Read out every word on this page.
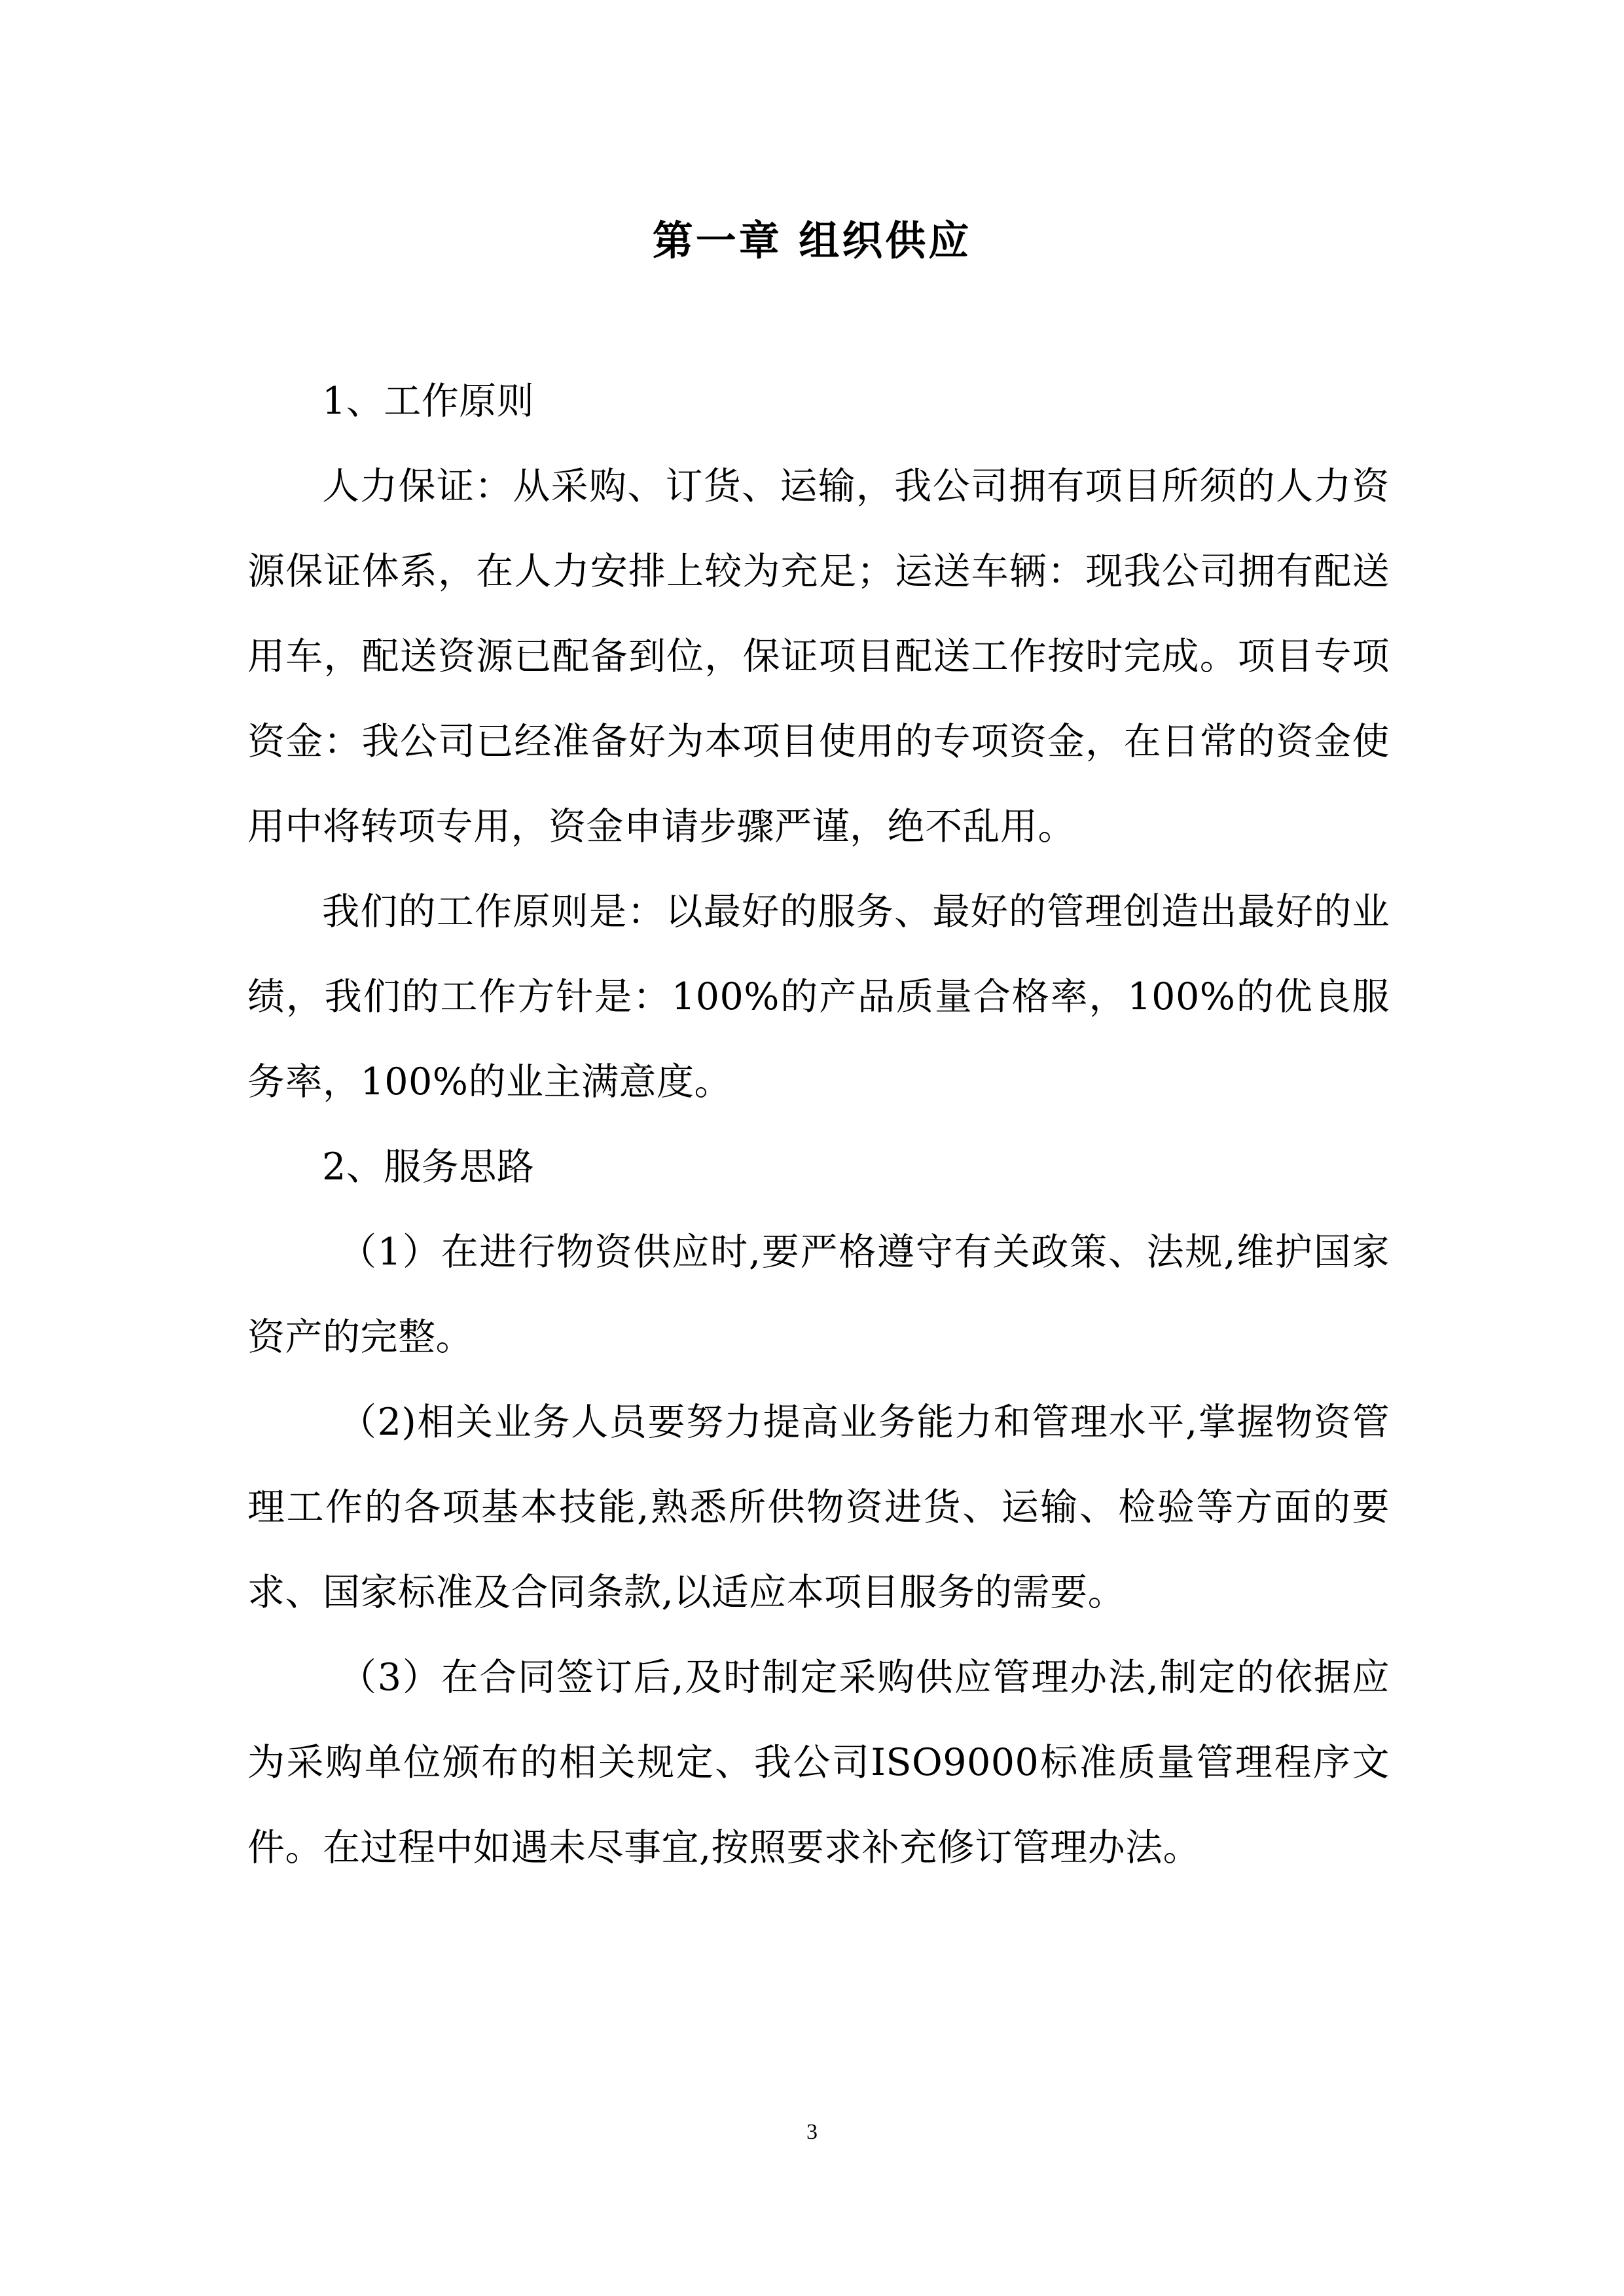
第一章 组织供应

1、工作原则

人力保证：从采购、订货、运输，我公司拥有项目所须的人力资源保证体系，在人力安排上较为充足；运送车辆：现我公司拥有配送用车，配送资源已配备到位，保证项目配送工作按时完成。项目专项资金：我公司已经准备好为本项目使用的专项资金，在日常的资金使用中将转项专用，资金申请步骤严谨，绝不乱用。

我们的工作原则是：以最好的服务、最好的管理创造出最好的业绩，我们的工作方针是：100%的产品质量合格率，100%的优良服务率，100%的业主满意度。

2、服务思路

（1）在进行物资供应时,要严格遵守有关政策、法规,维护国家资产的完整。

（2)相关业务人员要努力提高业务能力和管理水平,掌握物资管理工作的各项基本技能,熟悉所供物资进货、运输、检验等方面的要求、国家标准及合同条款,以适应本项目服务的需要。

（3）在合同签订后,及时制定采购供应管理办法,制定的依据应为采购单位颁布的相关规定、我公司ISO9000标准质量管理程序文件。在过程中如遇未尽事宜,按照要求补充修订管理办法。

3
